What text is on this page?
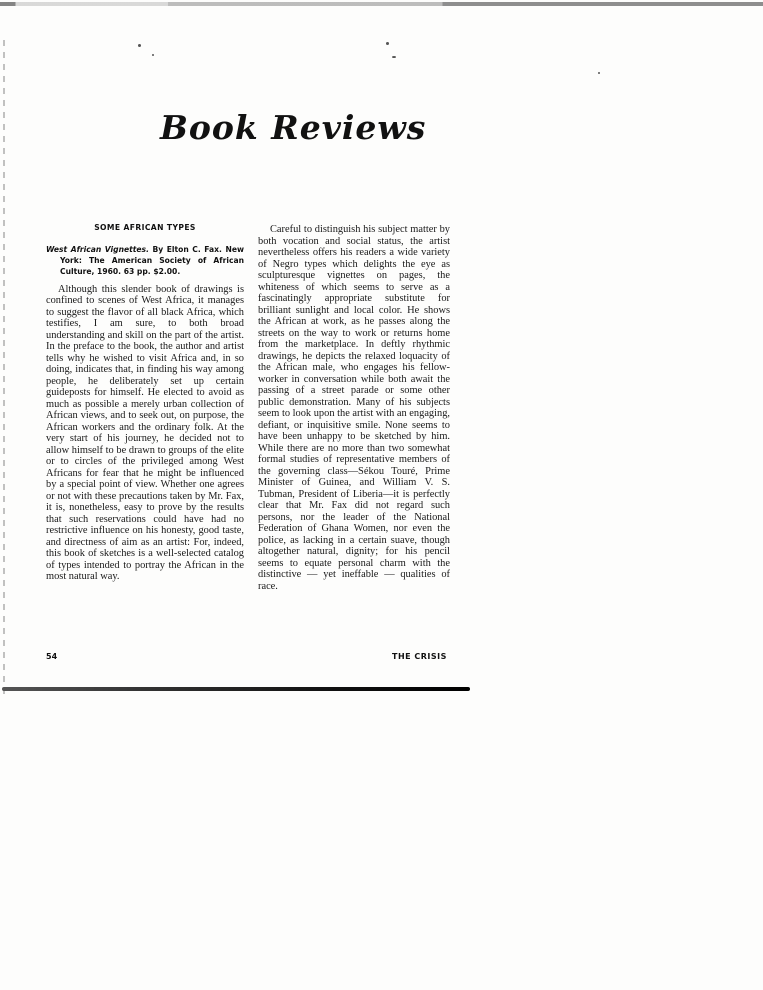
Book Reviews

SOME AFRICAN TYPES

West African Vignettes. By Elton C. Fax. New York: The American Society of African Culture, 1960. 63 pp. $2.00.

Although this slender book of drawings is confined to scenes of West Africa, it manages to suggest the flavor of all black Africa, which testifies, I am sure, to both broad understanding and skill on the part of the artist. In the preface to the book, the author and artist tells why he wished to visit Africa and, in so doing, indicates that, in finding his way among people, he deliberately set up certain guideposts for himself. He elected to avoid as much as possible a merely urban collection of African views, and to seek out, on purpose, the African workers and the ordinary folk. At the very start of his journey, he decided not to allow himself to be drawn to groups of the elite or to circles of the privileged among West Africans for fear that he might be influenced by a special point of view. Whether one agrees or not with these precautions taken by Mr. Fax, it is, nonetheless, easy to prove by the results that such reservations could have had no restrictive influence on his honesty, good taste, and directness of aim as an artist: For, indeed, this book of sketches is a well-selected catalog of types intended to portray the African in the most natural way.

Careful to distinguish his subject matter by both vocation and social status, the artist nevertheless offers his readers a wide variety of Negro types which delights the eye as sculpturesque vignettes on pages, the whiteness of which seems to serve as a fascinatingly appropriate substitute for brilliant sunlight and local color. He shows the African at work, as he passes along the streets on the way to work or returns home from the marketplace. In deftly rhythmic drawings, he depicts the relaxed loquacity of the African male, who engages his fellow-worker in conversation while both await the passing of a street parade or some other public demonstration. Many of his subjects seem to look upon the artist with an engaging, defiant, or inquisitive smile. None seems to have been unhappy to be sketched by him. While there are no more than two somewhat formal studies of representative members of the governing class—Sékou Touré, Prime Minister of Guinea, and William V. S. Tubman, President of Liberia—it is perfectly clear that Mr. Fax did not regard such persons, nor the leader of the National Federation of Ghana Women, nor even the police, as lacking in a certain suave, though altogether natural, dignity; for his pencil seems to equate personal charm with the distinctive — yet ineffable — qualities of race.

54	THE CRISIS
